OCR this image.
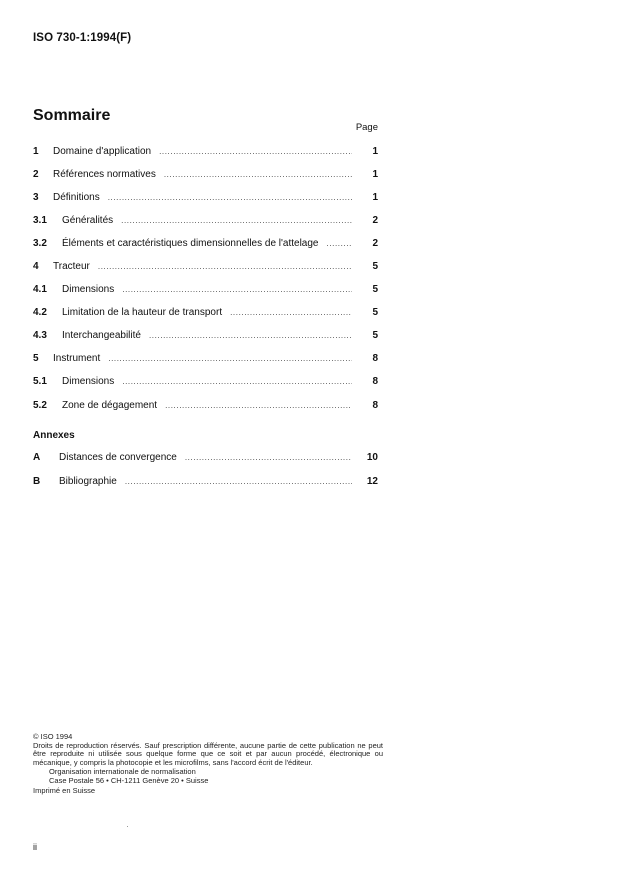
ISO 730-1:1994(F)
Sommaire
Page
1	Domaine d'application .....	1
2	Références normatives .....	1
3	Définitions .....	1
3.1	Généralités .....	2
3.2	Éléments et caractéristiques dimensionnelles de l'attelage .....	2
4	Tracteur .....	5
4.1	Dimensions .....	5
4.2	Limitation de la hauteur de transport .....	5
4.3	Interchangeabilité .....	5
5	Instrument .....	8
5.1	Dimensions .....	8
5.2	Zone de dégagement .....	8
Annexes
A	Distances de convergence .....	10
B	Bibliographie .....	12
© ISO 1994
Droits de reproduction réservés. Sauf prescription différente, aucune partie de cette publication ne peut être reproduite ni utilisée sous quelque forme que ce soit et par aucun procédé, électronique ou mécanique, y compris la photocopie et les microfilms, sans l'accord écrit de l'éditeur.
Organisation internationale de normalisation
Case Postale 56 • CH-1211 Genève 20 • Suisse
Imprimé en Suisse
ii
